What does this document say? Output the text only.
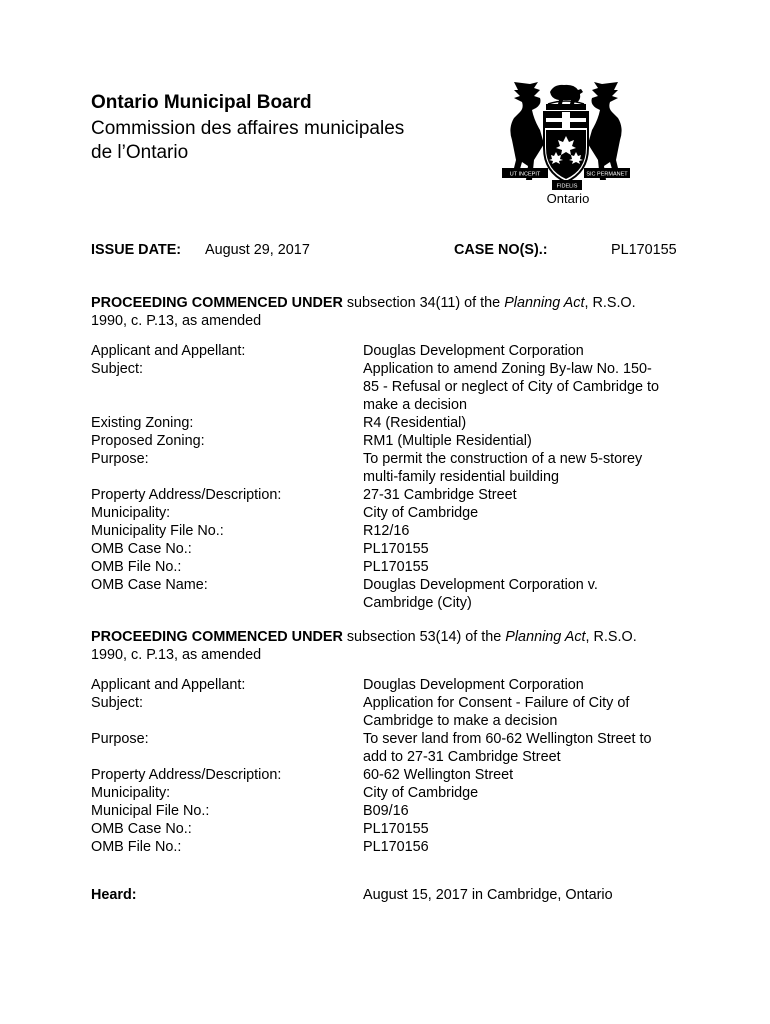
Ontario Municipal Board
Commission des affaires municipales
de l’Ontario
UT INCEPIT	SIC PERMANET
FIDELIS
Ontario
ISSUE DATE: August 29, 2017	CASE NO(S).:	PL170155
PROCEEDING COMMENCED UNDER subsection 34(11) of the Planning Act, R.S.O.
1990, c. P.13, as amended
Applicant and Appellant:	Douglas Development Corporation
Subject:	Application to amend Zoning By-law No. 150-
85 - Refusal or neglect of City of Cambridge to
make a decision
Existing Zoning:	R4 (Residential)
Proposed Zoning:	RM1 (Multiple Residential)
Purpose:	To permit the construction of a new 5-storey
multi-family residential building
Property Address/Description:	27-31 Cambridge Street
Municipality:	City of Cambridge
Municipality File No.:	R12/16
OMB Case No.:	PL170155
OMB File No.:	PL170155
OMB Case Name:	Douglas Development Corporation v.
Cambridge (City)
PROCEEDING COMMENCED UNDER subsection 53(14) of the Planning Act, R.S.O.
1990, c. P.13, as amended
Applicant and Appellant:	Douglas Development Corporation
Subject:	Application for Consent - Failure of City of
Cambridge to make a decision
Purpose:	To sever land from 60-62 Wellington Street to
add to 27-31 Cambridge Street
Property Address/Description:	60-62 Wellington Street
Municipality:	City of Cambridge
Municipal File No.:	B09/16
OMB Case No.:	PL170155
OMB File No.:	PL170156
Heard:	August 15, 2017 in Cambridge, Ontario
